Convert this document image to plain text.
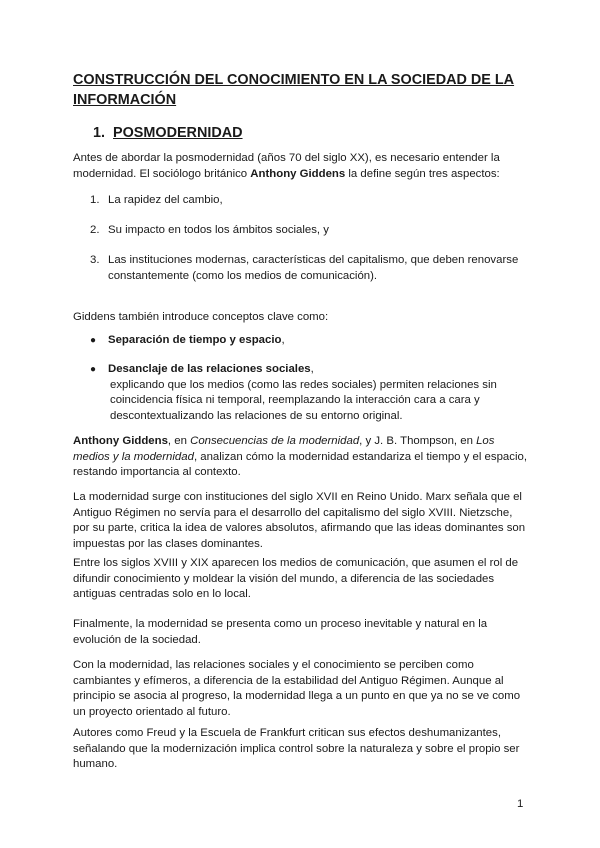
CONSTRUCCIÓN DEL CONOCIMIENTO EN LA SOCIEDAD DE LA INFORMACIÓN
1. POSMODERNIDAD

Antes de abordar la posmodernidad (años 70 del siglo XX), es necesario entender la modernidad. El sociólogo británico Anthony Giddens la define según tres aspectos:

1. La rapidez del cambio,
2. Su impacto en todos los ámbitos sociales, y
3. Las instituciones modernas, características del capitalismo, que deben renovarse constantemente (como los medios de comunicación).

Giddens también introduce conceptos clave como:

● Separación de tiempo y espacio,
● Desanclaje de las relaciones sociales,
explicando que los medios (como las redes sociales) permiten relaciones sin coincidencia física ni temporal, reemplazando la interacción cara a cara y descontextualizando las relaciones de su entorno original.

Anthony Giddens, en Consecuencias de la modernidad, y J. B. Thompson, en Los medios y la modernidad, analizan cómo la modernidad estandariza el tiempo y el espacio, restando importancia al contexto.

La modernidad surge con instituciones del siglo XVII en Reino Unido. Marx señala que el Antiguo Régimen no servía para el desarrollo del capitalismo del siglo XVIII. Nietzsche, por su parte, critica la idea de valores absolutos, afirmando que las ideas dominantes son impuestas por las clases dominantes.

Entre los siglos XVIII y XIX aparecen los medios de comunicación, que asumen el rol de difundir conocimiento y moldear la visión del mundo, a diferencia de las sociedades antiguas centradas solo en lo local.

Finalmente, la modernidad se presenta como un proceso inevitable y natural en la evolución de la sociedad.

Con la modernidad, las relaciones sociales y el conocimiento se perciben como cambiantes y efímeros, a diferencia de la estabilidad del Antiguo Régimen. Aunque al principio se asocia al progreso, la modernidad llega a un punto en que ya no se ve como un proyecto orientado al futuro.

Autores como Freud y la Escuela de Frankfurt critican sus efectos deshumanizantes, señalando que la modernización implica control sobre la naturaleza y sobre el propio ser humano.

1
